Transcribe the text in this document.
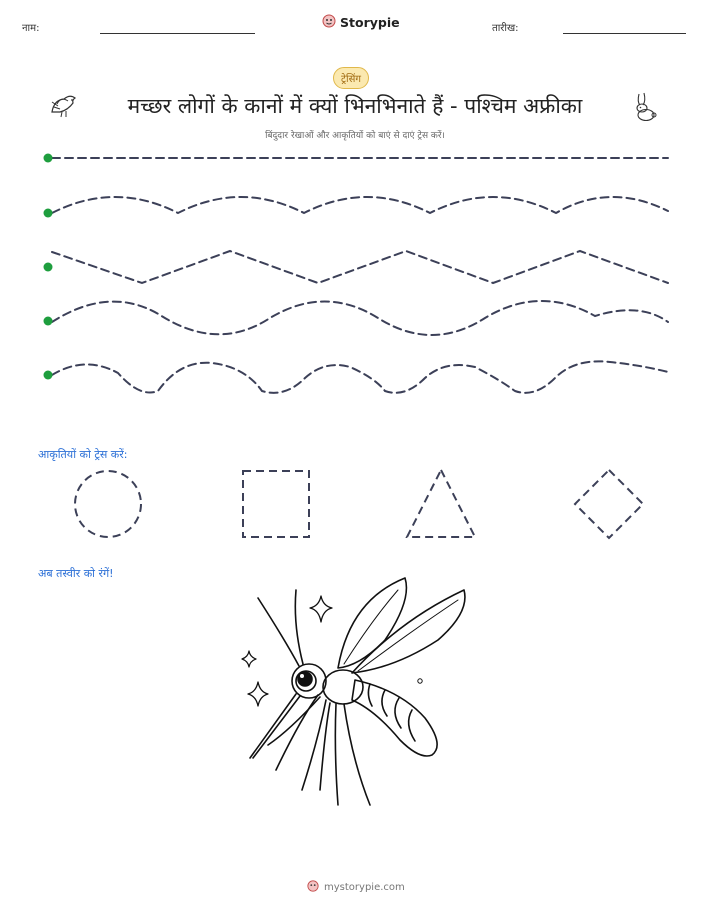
नाम:	Storypie	तारीख:
ट्रेसिंग
मच्छर लोगों के कानों में क्यों भिनभिनाते हैं - पश्चिम अफ्रीका
बिंदुदार रेखाओं और आकृतियों को बाएं से दाएं ट्रेस करें।
आकृतियों को ट्रेस करें:
अब तस्वीर को रंगें!
mystorypie.com
